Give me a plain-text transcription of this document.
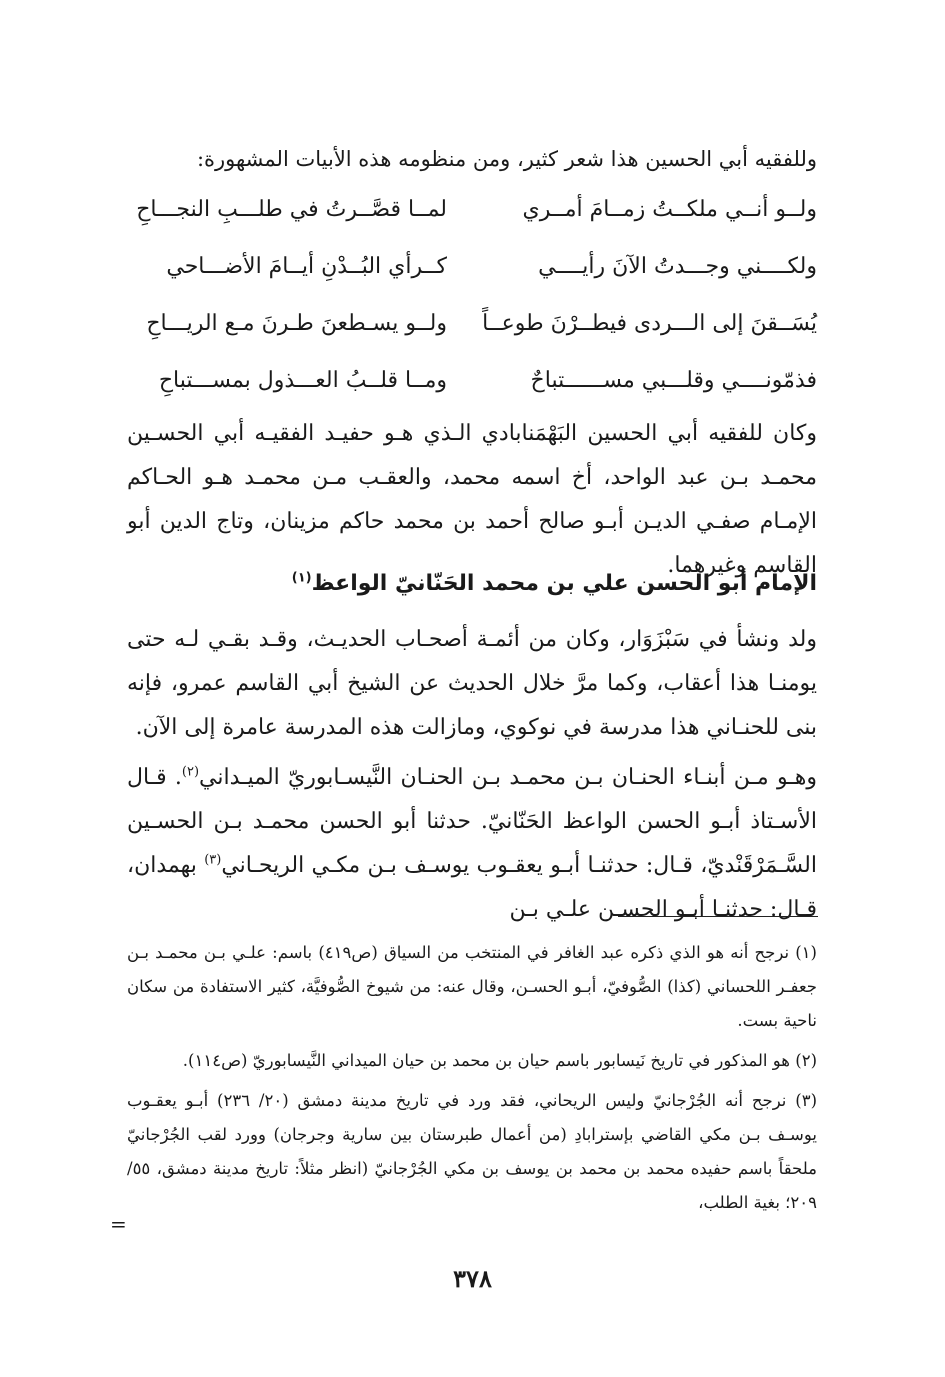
وللفقيه أبي الحسين هذا شعر كثير، ومن منظومه هذه الأبيات المشهورة:
ولــو أنــي ملكــتُ زمــامَ أمــري
لمــا قصَّــرتُ في طلـــبِ النجـــاحِ
ولكــــني وجـــدتُ الآنَ رأيــــي
كــرأي البُــدْنِ أيــامَ الأضـــاحي
يُسَــقنَ إلى الـــردى فيطــرْنَ طوعــاً
ولــو يسـطعنَ طـرنَ مـع الريـــاحِ
فذمّونــــي وقلـــبي مســــــتباحٌ
ومــا قلــبُ العـــذول بمســـتباحِ
وكان للفقيه أبي الحسين البَهْمَنابادي الـذي هـو حفيـد الفقيـه أبي الحسـين محمـد بـن عبد الواحد، أخ اسمه محمد، والعقـب مـن محمـد هـو الحـاكم الإمـام صفـي الديـن أبـو صالح أحمد بن محمد حاكم مزينان، وتاج الدين أبو القاسم وغيرهما.
الإمام أبو الحسن علي بن محمد الحَنّانيّ الواعظ$^{(١)}$
ولد ونشأ في سَبْزَوَار، وكان من أئمـة أصحـاب الحديـث، وقـد بقـي لـه حتى يومنـا هذا أعقاب، وكما مرَّ خلال الحديث عن الشيخ أبي القاسم عمرو، فإنه بنى للحنـاني هذا مدرسة في نوكوي، ومازالت هذه المدرسة عامرة إلى الآن.
وهـو مـن أبنـاء الحنـان بـن محمـد بـن الحنـان النَّيسـابوريّ الميـداني$^{(٢)}$. قـال الأسـتاذ أبـو الحسن الواعظ الحَنّانيّ. حدثنا أبو الحسن محمـد بـن الحسـين السَّـمَرْقَنْديّ، قـال: حدثنـا أبـو يعقـوب يوسـف بـن مكـي الريحـاني$^{(٣)}$ بهمدان، قـال: حدثنـا أبـو الحسـن علـي بـن

(١) نرجح أنه هو الذي ذكره عبد الغافر في المنتخب من السياق (ص٤١٩) باسم: علـي بـن محمـد بـن جعفـر اللحساني (كذا) الصُّوفيّ، أبـو الحسـن، وقال عنه: من شيوخ الصُّوفيَّة، كثير الاستفادة من سكان ناحية بست.

(٢) هو المذكور في تاريخ نَيسابور باسم حيان بن محمد بن حيان الميداني النَّيسابوريّ (ص١١٤).

(٣) نرجح أنه الجُرْجانيّ وليس الريحاني، فقد ورد في تاريخ مدينة دمشق (٢٠/ ٢٣٦) أبـو يعقـوب يوسـف بـن مكي القاضي بإسترابادِ (من أعمال طبرستان بين سارية وجرجان) وورد لقب الجُرْجانيّ ملحقاً باسم حفيده محمد بن محمد بن يوسف بن مكي الجُرْجانيّ (انظر مثلاً: تاريخ مدينة دمشق، ٥٥/ ٢٠٩؛ بغية الطلب،

=
٣٧٨
